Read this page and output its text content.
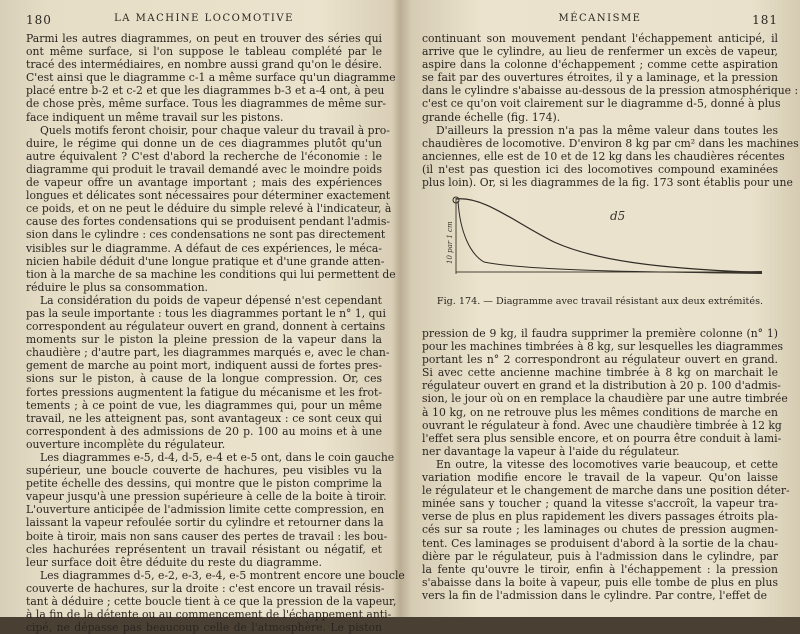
180	LA MACHINE LOCOMOTIVE
Parmi les autres diagrammes, on peut en trouver des séries qui
ont même surface, si l'on suppose le tableau complété par le
tracé des intermédiaires, en nombre aussi grand qu'on le désire.
C'est ainsi que le diagramme c-1 a même surface qu'un diagramme
placé entre b-2 et c-2 et que les diagrammes b-3 et a-4 ont, à peu
de chose près, même surface. Tous les diagrammes de même sur-
face indiquent un même travail sur les pistons.
Quels motifs feront choisir, pour chaque valeur du travail à pro-
duire, le régime qui donne un de ces diagrammes plutôt qu'un
autre équivalent ? C'est d'abord la recherche de l'économie : le
diagramme qui produit le travail demandé avec le moindre poids
de vapeur offre un avantage important ; mais des expériences
longues et délicates sont nécessaires pour déterminer exactement
ce poids, et on ne peut le déduire du simple relevé à l'indicateur, à
cause des fortes condensations qui se produisent pendant l'admis-
sion dans le cylindre : ces condensations ne sont pas directement
visibles sur le diagramme. A défaut de ces expériences, le méca-
nicien habile déduit d'une longue pratique et d'une grande atten-
tion à la marche de sa machine les conditions qui lui permettent de
réduire le plus sa consommation.
La considération du poids de vapeur dépensé n'est cependant
pas la seule importante : tous les diagrammes portant le n° 1, qui
correspondent au régulateur ouvert en grand, donnent à certains
moments sur le piston la pleine pression de la vapeur dans la
chaudière ; d'autre part, les diagrammes marqués e, avec le chan-
gement de marche au point mort, indiquent aussi de fortes pres-
sions sur le piston, à cause de la longue compression. Or, ces
fortes pressions augmentent la fatigue du mécanisme et les frot-
tements ; à ce point de vue, les diagrammes qui, pour un même
travail, ne les atteignent pas, sont avantageux : ce sont ceux qui
correspondent à des admissions de 20 p. 100 au moins et à une
ouverture incomplète du régulateur.
Les diagrammes e-5, d-4, d-5, e-4 et e-5 ont, dans le coin gauche
supérieur, une boucle couverte de hachures, peu visibles vu la
petite échelle des dessins, qui montre que le piston comprime la
vapeur jusqu'à une pression supérieure à celle de la boite à tiroir.
L'ouverture anticipée de l'admission limite cette compression, en
laissant la vapeur refoulée sortir du cylindre et retourner dans la
boite à tiroir, mais non sans causer des pertes de travail : les bou-
cles hachurées représentent un travail résistant ou négatif, et
leur surface doit être déduite du reste du diagramme.
Les diagrammes d-5, e-2, e-3, e-4, e-5 montrent encore une boucle
couverte de hachures, sur la droite : c'est encore un travail résis-
tant à déduire ; cette boucle tient à ce que la pression de la vapeur,
à la fin de la détente ou au commencement de l'échappement anti-
cipé, ne dépasse pas beaucoup celle de l'atmosphère. Le piston
MÉCANISME	181
continuant son mouvement pendant l'échappement anticipé, il
arrive que le cylindre, au lieu de renfermer un excès de vapeur,
aspire dans la colonne d'échappement ; comme cette aspiration
se fait par des ouvertures étroites, il y a laminage, et la pression
dans le cylindre s'abaisse au-dessous de la pression atmosphérique :
c'est ce qu'on voit clairement sur le diagramme d-5, donné à plus
grande échelle (fig. 174).
D'ailleurs la pression n'a pas la même valeur dans toutes les
chaudières de locomotive. D'environ 8 kg par cm² dans les machines
anciennes, elle est de 10 et de 12 kg dans les chaudières récentes
(il n'est pas question ici des locomotives compound examinées
plus loin). Or, si les diagrammes de la fig. 173 sont établis pour une
d5
10 par 1 cm
Fig. 174. — Diagramme avec travail résistant aux deux extrémités.
pression de 9 kg, il faudra supprimer la première colonne (n° 1)
pour les machines timbrées à 8 kg, sur lesquelles les diagrammes
portant les n° 2 correspondront au régulateur ouvert en grand.
Si avec cette ancienne machine timbrée à 8 kg on marchait le
régulateur ouvert en grand et la distribution à 20 p. 100 d'admis-
sion, le jour où on en remplace la chaudière par une autre timbrée
à 10 kg, on ne retrouve plus les mêmes conditions de marche en
ouvrant le régulateur à fond. Avec une chaudière timbrée à 12 kg
l'effet sera plus sensible encore, et on pourra être conduit à lami-
ner davantage la vapeur à l'aide du régulateur.
En outre, la vitesse des locomotives varie beaucoup, et cette
variation modifie encore le travail de la vapeur. Qu'on laisse
le régulateur et le changement de marche dans une position déter-
minée sans y toucher ; quand la vitesse s'accroît, la vapeur tra-
verse de plus en plus rapidement les divers passages étroits pla-
cés sur sa route ; les laminages ou chutes de pression augmen-
tent. Ces laminages se produisent d'abord à la sortie de la chau-
dière par le régulateur, puis à l'admission dans le cylindre, par
la fente qu'ouvre le tiroir, enfin à l'échappement : la pression
s'abaisse dans la boite à vapeur, puis elle tombe de plus en plus
vers la fin de l'admission dans le cylindre. Par contre, l'effet de
